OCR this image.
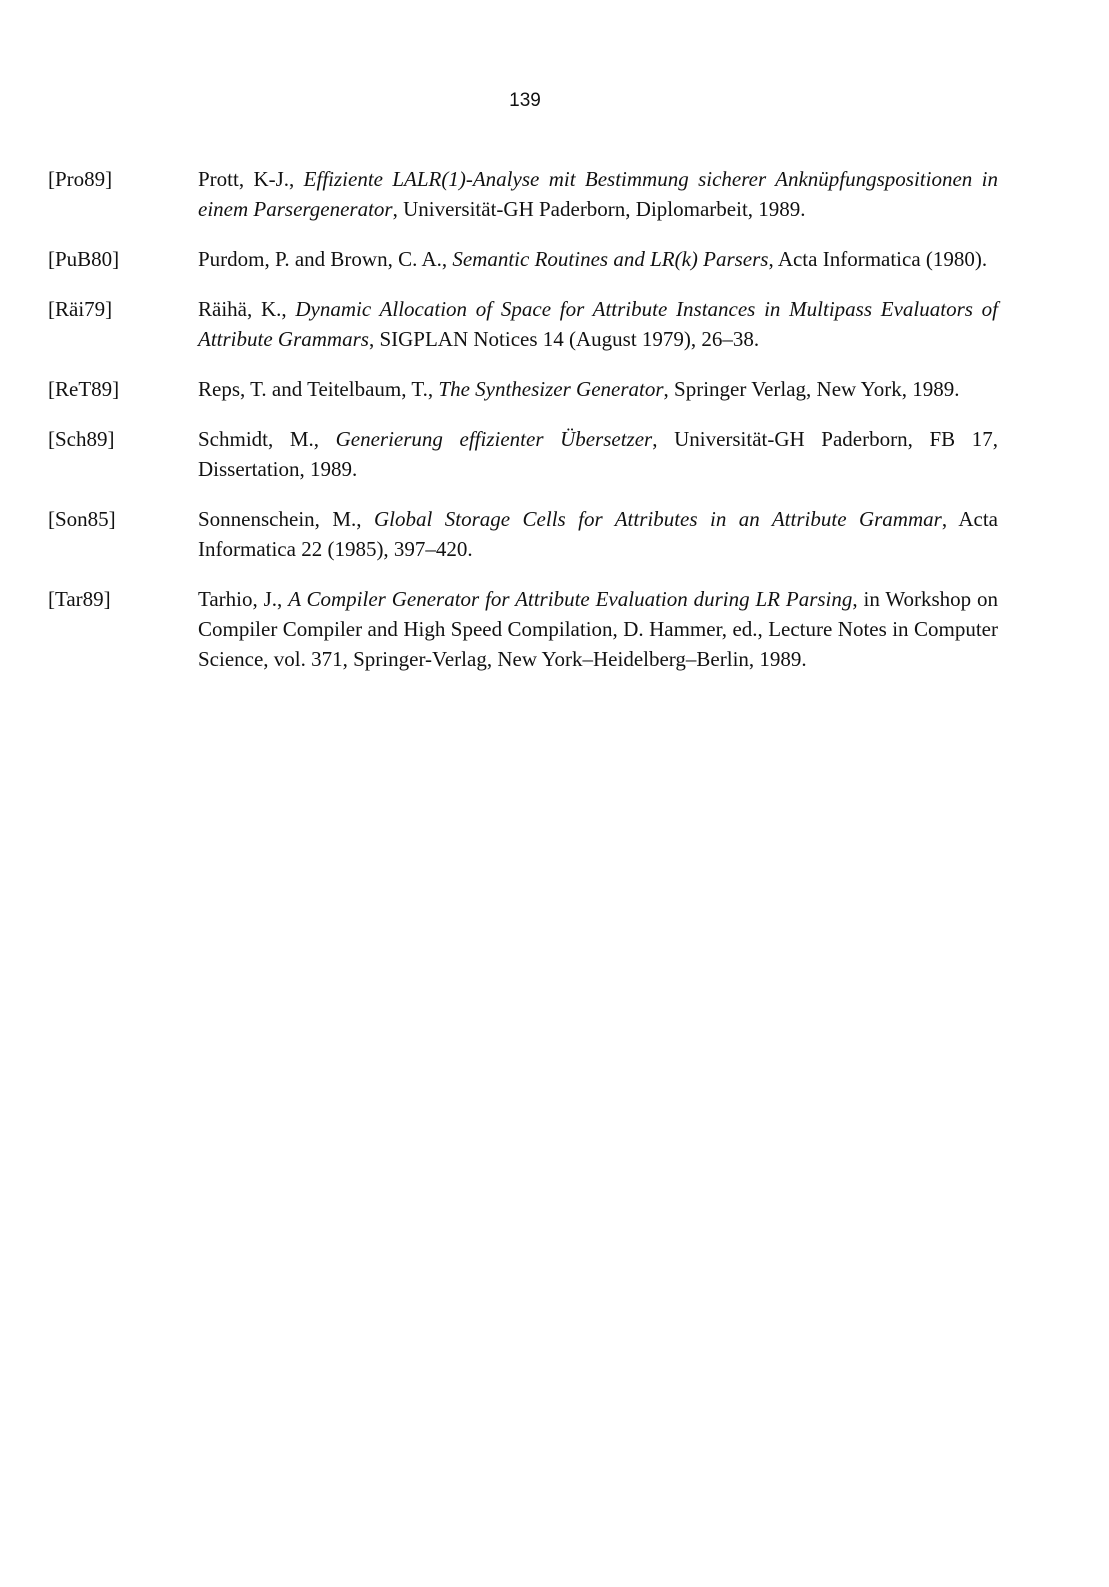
139
[Pro89]	Prott, K-J., Effiziente LALR(1)-Analyse mit Bestimmung sicherer Anknüpfungspositionen in einem Parsergenerator, Universität-GH Paderborn, Diplomarbeit, 1989.
[PuB80]	Purdom, P. and Brown, C. A., Semantic Routines and LR(k) Parsers, Acta Informatica (1980).
[Räi79]	Räihä, K., Dynamic Allocation of Space for Attribute Instances in Multipass Evaluators of Attribute Grammars, SIGPLAN Notices 14 (August 1979), 26–38.
[ReT89]	Reps, T. and Teitelbaum, T., The Synthesizer Generator, Springer Verlag, New York, 1989.
[Sch89]	Schmidt, M., Generierung effizienter Übersetzer, Universität-GH Paderborn, FB 17, Dissertation, 1989.
[Son85]	Sonnenschein, M., Global Storage Cells for Attributes in an Attribute Grammar, Acta Informatica 22 (1985), 397–420.
[Tar89]	Tarhio, J., A Compiler Generator for Attribute Evaluation during LR Parsing, in Workshop on Compiler Compiler and High Speed Compilation, D. Hammer, ed., Lecture Notes in Computer Science, vol. 371, Springer-Verlag, New York–Heidelberg–Berlin, 1989.
